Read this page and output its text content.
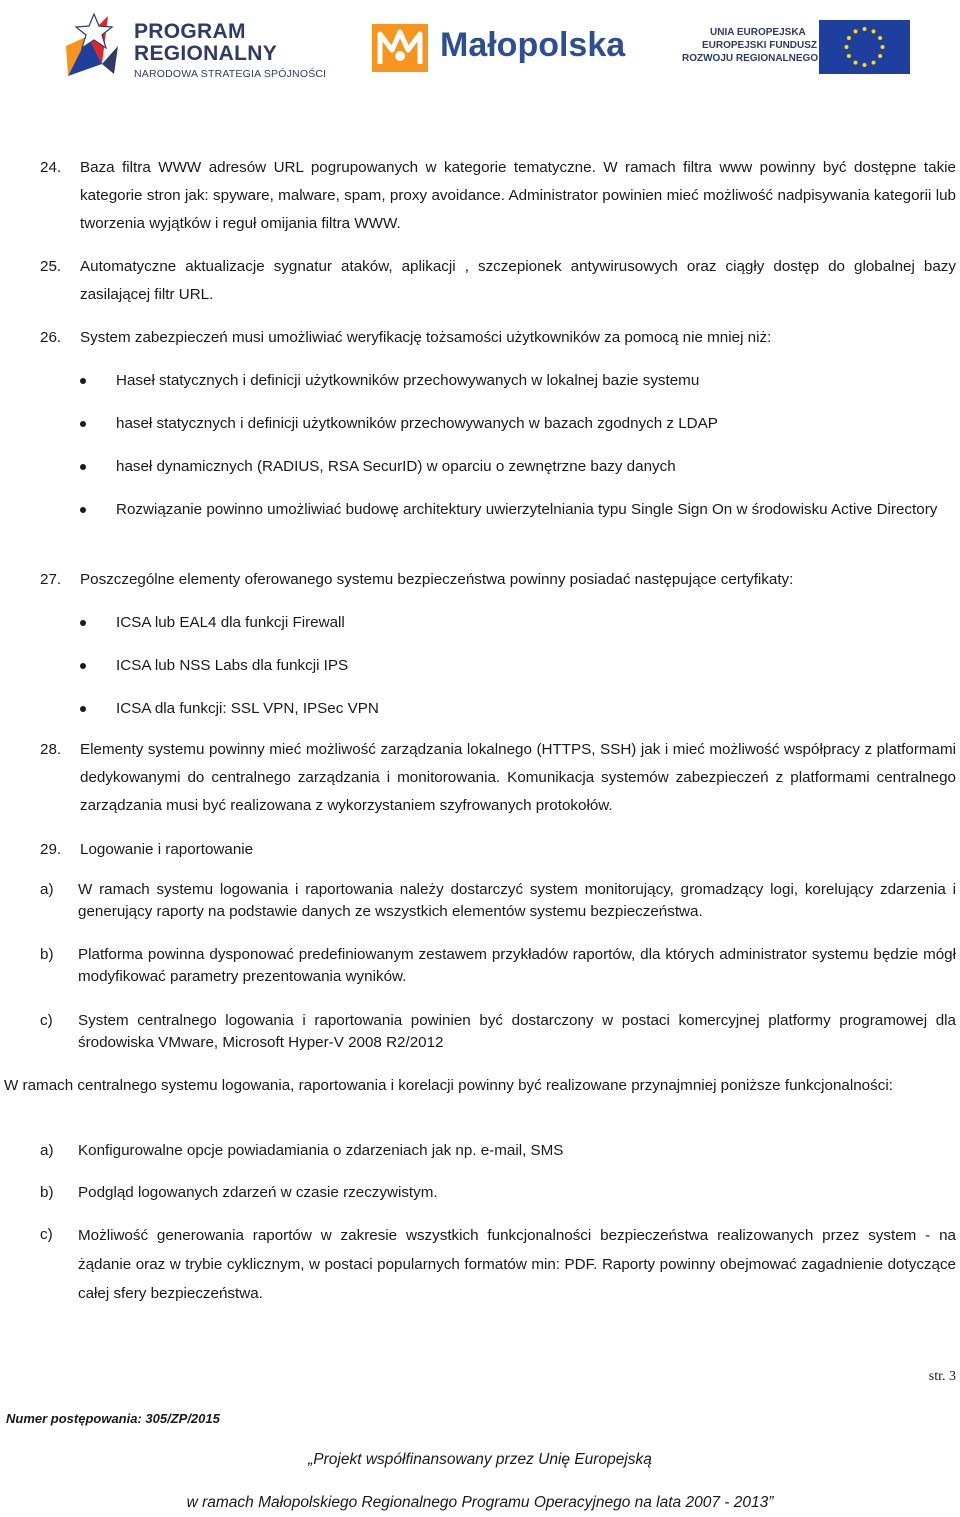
PROGRAM
REGIONALNY
NARODOWA STRATEGIA SPÓJNOŚCI
Małopolska	UNIA EUROPEJSKA
EUROPEJSKI FUNDUSZ
ROZWOJU REGIONALNEGO
24. Baza filtra WWW adresów URL pogrupowanych w kategorie tematyczne. W ramach filtra www powinny być dostępne takie kategorie stron jak: spyware, malware, spam, proxy avoidance. Administrator powinien mieć możliwość nadpisywania kategorii lub tworzenia wyjątków i reguł omijania filtra WWW.
25. Automatyczne aktualizacje sygnatur ataków, aplikacji , szczepionek antywirusowych oraz ciągły dostęp do globalnej bazy zasilającej filtr URL.
26. System zabezpieczeń musi umożliwiać weryfikację tożsamości użytkowników za pomocą nie mniej niż:
Haseł statycznych i definicji użytkowników przechowywanych w lokalnej bazie systemu
haseł statycznych i definicji użytkowników przechowywanych w bazach zgodnych z LDAP
haseł dynamicznych (RADIUS, RSA SecurID) w oparciu o zewnętrzne bazy danych
Rozwiązanie powinno umożliwiać budowę architektury uwierzytelniania typu Single Sign On w środowisku Active Directory
27. Poszczególne elementy oferowanego systemu bezpieczeństwa powinny posiadać następujące certyfikaty:
ICSA lub EAL4 dla funkcji Firewall
ICSA lub NSS Labs dla funkcji IPS
ICSA dla funkcji: SSL VPN, IPSec VPN
28. Elementy systemu powinny mieć możliwość zarządzania lokalnego (HTTPS, SSH) jak i mieć możliwość współpracy z platformami dedykowanymi do centralnego zarządzania i monitorowania. Komunikacja systemów zabezpieczeń z platformami centralnego zarządzania musi być realizowana z wykorzystaniem szyfrowanych protokołów.
29. Logowanie i raportowanie
a) W ramach systemu logowania i raportowania należy dostarczyć system monitorujący, gromadzący logi, korelujący zdarzenia i generujący raporty na podstawie danych ze wszystkich elementów systemu bezpieczeństwa.
b) Platforma powinna dysponować predefiniowanym zestawem przykładów raportów, dla których administrator systemu będzie mógł modyfikować parametry prezentowania wyników.
c) System centralnego logowania i raportowania powinien być dostarczony w postaci komercyjnej platformy programowej dla środowiska VMware, Microsoft Hyper-V 2008 R2/2012
W ramach centralnego systemu logowania, raportowania i korelacji powinny być realizowane przynajmniej poniższe funkcjonalności:
a) Konfigurowalne opcje powiadamiania o zdarzeniach jak np. e-mail, SMS
b) Podgląd logowanych zdarzeń w czasie rzeczywistym.
c) Możliwość generowania raportów w zakresie wszystkich funkcjonalności bezpieczeństwa realizowanych przez system - na żądanie oraz w trybie cyklicznym, w postaci popularnych formatów min: PDF. Raporty powinny obejmować zagadnienie dotyczące całej sfery bezpieczeństwa.
str. 3
Numer postępowania: 305/ZP/2015
„Projekt współfinansowany przez Unię Europejską
w ramach Małopolskiego Regionalnego Programu Operacyjnego na lata 2007 - 2013”
